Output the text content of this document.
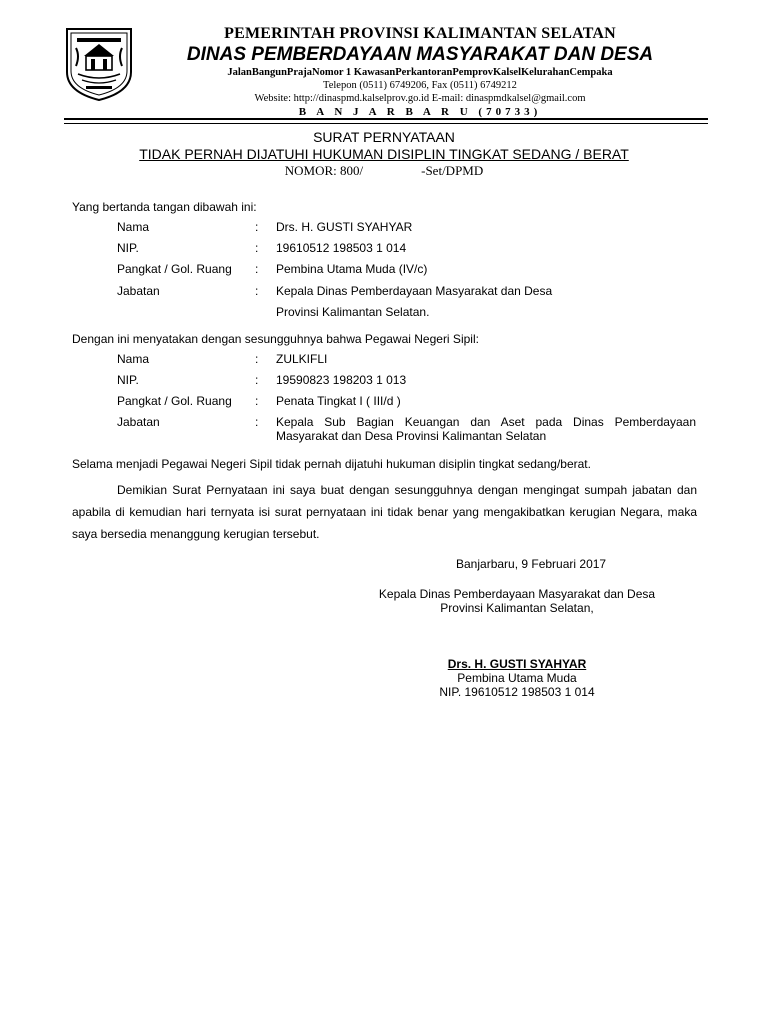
PEMERINTAH PROVINSI KALIMANTAN SELATAN
DINAS PEMBERDAYAAN MASYARAKAT DAN DESA
JalanBangunPrajaNomor 1 KawasanPerkantoranPemprovKalselKelurahanCempaka
Telepon (0511) 6749206, Fax (0511) 6749212
Website: http://dinaspmd.kalselprov.go.id E-mail: dinaspmdkalsel@gmail.com
B A N J A R B A R U (70733)
SURAT PERNYATAAN
TIDAK PERNAH DIJATUHI HUKUMAN DISIPLIN TINGKAT SEDANG / BERAT
NOMOR: 800/	-Set/DPMD
Yang bertanda tangan dibawah ini:
Nama	: Drs. H. GUSTI SYAHYAR
NIP.	: 19610512 198503 1 014
Pangkat / Gol. Ruang : Pembina Utama Muda (IV/c)
Jabatan	: Kepala Dinas Pemberdayaan Masyarakat dan Desa
Provinsi Kalimantan Selatan.
Dengan ini menyatakan dengan sesungguhnya bahwa Pegawai Negeri Sipil:
Nama	: ZULKIFLI
NIP.	: 19590823 198203 1 013
Pangkat / Gol. Ruang : Penata Tingkat I ( III/d )
Jabatan	: Kepala Sub Bagian Keuangan dan Aset pada Dinas Pemberdayaan Masyarakat dan Desa Provinsi Kalimantan Selatan

Selama menjadi Pegawai Negeri Sipil tidak pernah dijatuhi hukuman disiplin tingkat sedang/berat.

Demikian Surat Pernyataan ini saya buat dengan sesungguhnya dengan mengingat sumpah jabatan dan apabila di kemudian hari ternyata isi surat pernyataan ini tidak benar yang mengakibatkan kerugian Negara, maka saya bersedia menanggung kerugian tersebut.

Banjarbaru, 9 Februari 2017
Kepala Dinas Pemberdayaan Masyarakat dan Desa
Provinsi Kalimantan Selatan,
Drs. H. GUSTI SYAHYAR
Pembina Utama Muda
NIP. 19610512 198503 1 014
